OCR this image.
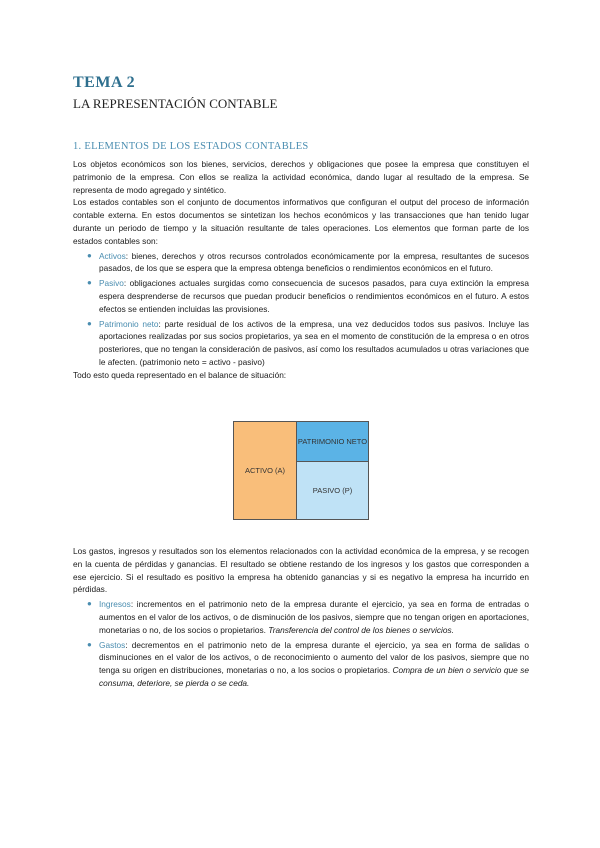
TEMA 2
LA REPRESENTACIÓN CONTABLE
1. ELEMENTOS DE LOS ESTADOS CONTABLES

Los objetos económicos son los bienes, servicios, derechos y obligaciones que posee la empresa que constituyen el patrimonio de la empresa. Con ellos se realiza la actividad económica, dando lugar al resultado de la empresa. Se representa de modo agregado y sintético.

Los estados contables son el conjunto de documentos informativos que configuran el output del proceso de información contable externa. En estos documentos se sintetizan los hechos económicos y las transacciones que han tenido lugar durante un periodo de tiempo y la situación resultante de tales operaciones. Los elementos que forman parte de los estados contables son:

● Activos: bienes, derechos y otros recursos controlados económicamente por la empresa, resultantes de sucesos pasados, de los que se espera que la empresa obtenga beneficios o rendimientos económicos en el futuro.
● Pasivo: obligaciones actuales surgidas como consecuencia de sucesos pasados, para cuya extinción la empresa espera desprenderse de recursos que puedan producir beneficios o rendimientos económicos en el futuro. A estos efectos se entienden incluidas las provisiones.
● Patrimonio neto: parte residual de los activos de la empresa, una vez deducidos todos sus pasivos. Incluye las aportaciones realizadas por sus socios propietarios, ya sea en el momento de constitución de la empresa o en otros posteriores, que no tengan la consideración de pasivos, así como los resultados acumulados u otras variaciones que le afecten. (patrimonio neto = activo - pasivo)

Todo esto queda representado en el balance de situación:

ACTIVO (A)
PATRIMONIO NETO
PASIVO (P)

Los gastos, ingresos y resultados son los elementos relacionados con la actividad económica de la empresa, y se recogen en la cuenta de pérdidas y ganancias. El resultado se obtiene restando de los ingresos y los gastos que corresponden a ese ejercicio. Si el resultado es positivo la empresa ha obtenido ganancias y si es negativo la empresa ha incurrido en pérdidas.

● Ingresos: incrementos en el patrimonio neto de la empresa durante el ejercicio, ya sea en forma de entradas o aumentos en el valor de los activos, o de disminución de los pasivos, siempre que no tengan origen en aportaciones, monetarias o no, de los socios o propietarios. Transferencia del control de los bienes o servicios.
● Gastos: decrementos en el patrimonio neto de la empresa durante el ejercicio, ya sea en forma de salidas o disminuciones en el valor de los activos, o de reconocimiento o aumento del valor de los pasivos, siempre que no tenga su origen en distribuciones, monetarias o no, a los socios o propietarios. Compra de un bien o servicio que se consuma, deteriore, se pierda o se ceda.
